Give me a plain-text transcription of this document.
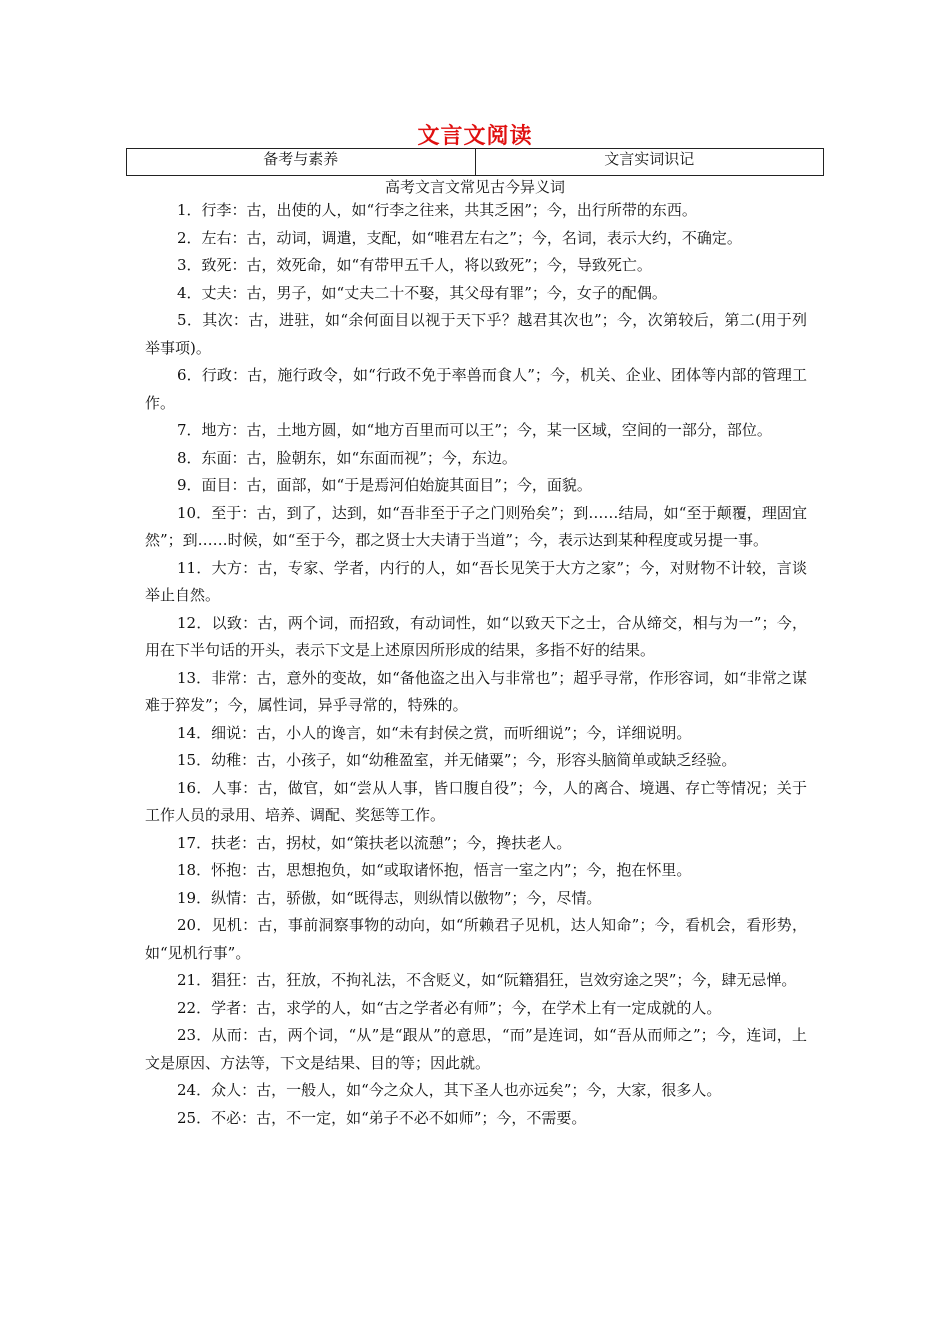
文言文阅读
备考与素养	文言实词识记
高考文言文常见古今异义词
1．行李：古，出使的人，如“行李之往来，共其乏困”；今，出行所带的东西。
2．左右：古，动词，调遣，支配，如“唯君左右之”；今，名词，表示大约，不确定。
3．致死：古，效死命，如“有带甲五千人，将以致死”；今，导致死亡。
4．丈夫：古，男子，如“丈夫二十不娶，其父母有罪”；今，女子的配偶。
5．其次：古，进驻，如“余何面目以视于天下乎？越君其次也”；今，次第较后，第二(用于列举事项)。
6．行政：古，施行政令，如“行政不免于率兽而食人”；今，机关、企业、团体等内部的管理工作。
7．地方：古，土地方圆，如“地方百里而可以王”；今，某一区域，空间的一部分，部位。
8．东面：古，脸朝东，如“东面而视”；今，东边。
9．面目：古，面部，如“于是焉河伯始旋其面目”；今，面貌。
10．至于：古，到了，达到，如“吾非至于子之门则殆矣”；到……结局，如“至于颠覆，理固宜然”；到……时候，如“至于今，郡之贤士大夫请于当道”；今，表示达到某种程度或另提一事。
11．大方：古，专家、学者，内行的人，如“吾长见笑于大方之家”；今，对财物不计较，言谈举止自然。
12．以致：古，两个词，而招致，有动词性，如“以致天下之士，合从缔交，相与为一”；今，用在下半句话的开头，表示下文是上述原因所形成的结果，多指不好的结果。
13．非常：古，意外的变故，如“备他盗之出入与非常也”；超乎寻常，作形容词，如“非常之谋难于猝发”；今，属性词，异乎寻常的，特殊的。
14．细说：古，小人的谗言，如“未有封侯之赏，而听细说”；今，详细说明。
15．幼稚：古，小孩子，如“幼稚盈室，并无储粟”；今，形容头脑简单或缺乏经验。
16．人事：古，做官，如“尝从人事，皆口腹自役”；今，人的离合、境遇、存亡等情况；关于工作人员的录用、培养、调配、奖惩等工作。
17．扶老：古，拐杖，如“策扶老以流憩”；今，搀扶老人。
18．怀抱：古，思想抱负，如“或取诸怀抱，悟言一室之内”；今，抱在怀里。
19．纵情：古，骄傲，如“既得志，则纵情以傲物”；今，尽情。
20．见机：古，事前洞察事物的动向，如“所赖君子见机，达人知命”；今，看机会，看形势，如“见机行事”。
21．猖狂：古，狂放，不拘礼法，不含贬义，如“阮籍猖狂，岂效穷途之哭”；今，肆无忌惮。
22．学者：古，求学的人，如“古之学者必有师”；今，在学术上有一定成就的人。
23．从而：古，两个词，“从”是“跟从”的意思，“而”是连词，如“吾从而师之”；今，连词，上文是原因、方法等，下文是结果、目的等；因此就。
24．众人：古，一般人，如“今之众人，其下圣人也亦远矣”；今，大家，很多人。
25．不必：古，不一定，如“弟子不必不如师”；今，不需要。
